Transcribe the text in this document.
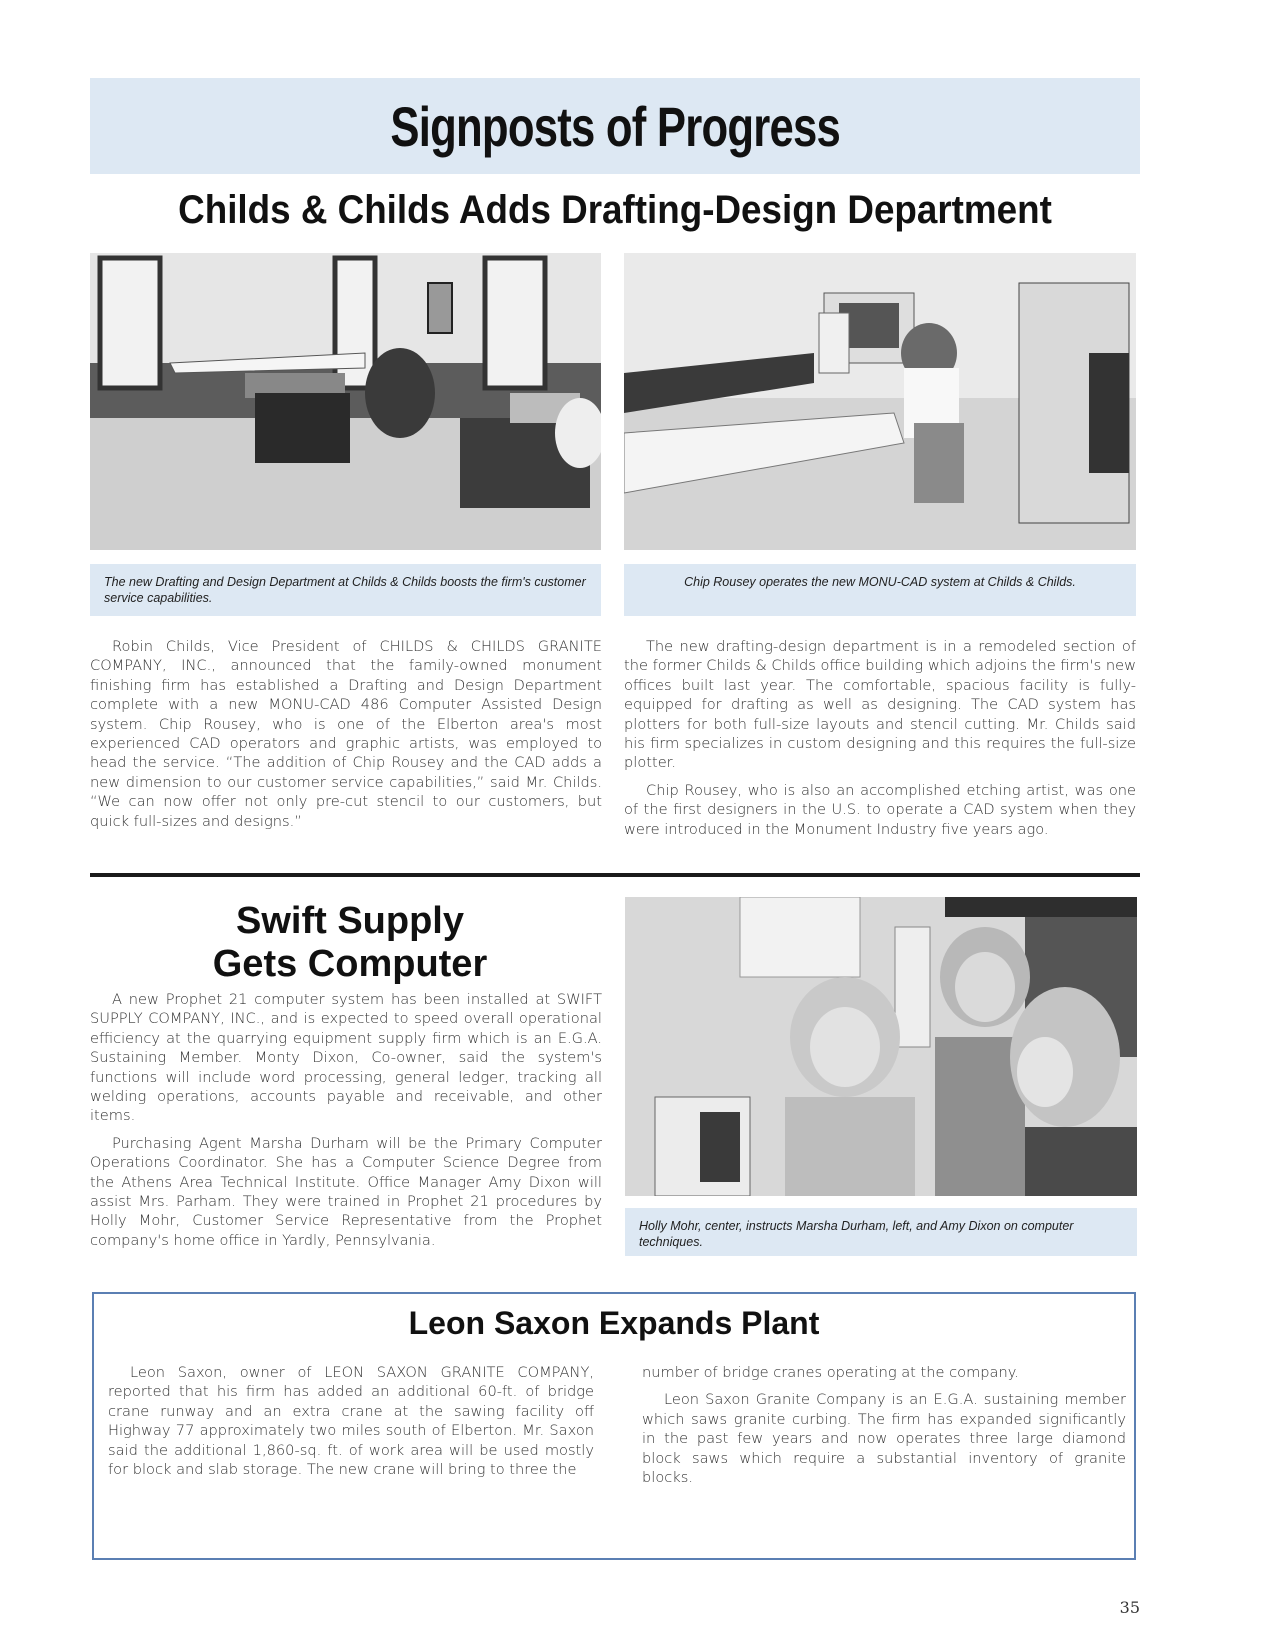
Signposts of Progress
Childs & Childs Adds Drafting-Design Department
The new Drafting and Design Department at Childs & Childs boosts the firm's customer service capabilities.
Chip Rousey operates the new MONU-CAD system at Childs & Childs.

Robin Childs, Vice President of CHILDS & CHILDS GRANITE COMPANY, INC., announced that the family-owned monument finishing firm has established a Drafting and Design Department complete with a new MONU-CAD 486 Computer Assisted Design system. Chip Rousey, who is one of the Elberton area's most experienced CAD operators and graphic artists, was employed to head the service. “The addition of Chip Rousey and the CAD adds a new dimension to our customer service capabilities,” said Mr. Childs. “We can now offer not only pre-cut stencil to our customers, but quick full-sizes and designs.”

The new drafting-design department is in a remodeled section of the former Childs & Childs office building which adjoins the firm's new offices built last year. The comfortable, spacious facility is fully-equipped for drafting as well as designing. The CAD system has plotters for both full-size layouts and stencil cutting. Mr. Childs said his firm specializes in custom designing and this requires the full-size plotter.

Chip Rousey, who is also an accomplished etching artist, was one of the first designers in the U.S. to operate a CAD system when they were introduced in the Monument Industry five years ago.

Swift Supply
Gets Computer

A new Prophet 21 computer system has been installed at SWIFT SUPPLY COMPANY, INC., and is expected to speed overall operational efficiency at the quarrying equipment supply firm which is an E.G.A. Sustaining Member. Monty Dixon, Co-owner, said the system's functions will include word processing, general ledger, tracking all welding operations, accounts payable and receivable, and other items.

Purchasing Agent Marsha Durham will be the Primary Computer Operations Coordinator. She has a Computer Science Degree from the Athens Area Technical Institute. Office Manager Amy Dixon will assist Mrs. Parham. They were trained in Prophet 21 procedures by Holly Mohr, Customer Service Representative from the Prophet company's home office in Yardly, Pennsylvania.

Holly Mohr, center, instructs Marsha Durham, left, and Amy Dixon on computer techniques.
Leon Saxon Expands Plant

Leon Saxon, owner of LEON SAXON GRANITE COMPANY, reported that his firm has added an additional 60-ft. of bridge crane runway and an extra crane at the sawing facility off Highway 77 approximately two miles south of Elberton. Mr. Saxon said the additional 1,860-sq. ft. of work area will be used mostly for block and slab storage. The new crane will bring to three the

number of bridge cranes operating at the company.

Leon Saxon Granite Company is an E.G.A. sustaining member which saws granite curbing. The firm has expanded significantly in the past few years and now operates three large diamond block saws which require a substantial inventory of granite blocks.

35
